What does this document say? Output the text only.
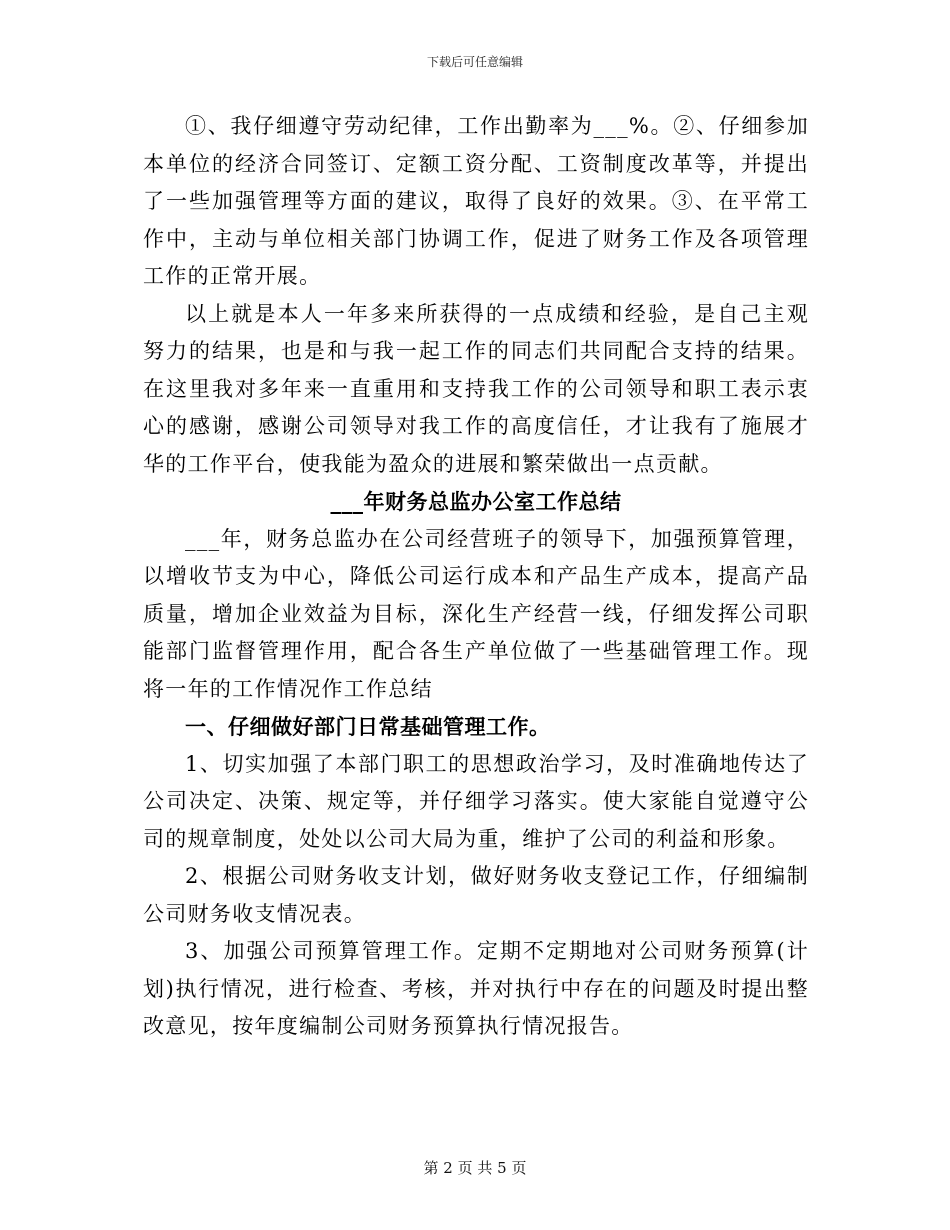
下载后可任意编辑

①、我仔细遵守劳动纪律，工作出勤率为___%。②、仔细参加本单位的经济合同签订、定额工资分配、工资制度改革等，并提出了一些加强管理等方面的建议，取得了良好的效果。③、在平常工作中，主动与单位相关部门协调工作，促进了财务工作及各项管理工作的正常开展。

以上就是本人一年多来所获得的一点成绩和经验，是自己主观努力的结果，也是和与我一起工作的同志们共同配合支持的结果。在这里我对多年来一直重用和支持我工作的公司领导和职工表示衷心的感谢，感谢公司领导对我工作的高度信任，才让我有了施展才华的工作平台，使我能为盈众的进展和繁荣做出一点贡献。

___年财务总监办公室工作总结

___年，财务总监办在公司经营班子的领导下，加强预算管理，以增收节支为中心，降低公司运行成本和产品生产成本，提高产品质量，增加企业效益为目标，深化生产经营一线，仔细发挥公司职能部门监督管理作用，配合各生产单位做了一些基础管理工作。现将一年的工作情况作工作总结

一、仔细做好部门日常基础管理工作。

1、切实加强了本部门职工的思想政治学习，及时准确地传达了公司决定、决策、规定等，并仔细学习落实。使大家能自觉遵守公司的规章制度，处处以公司大局为重，维护了公司的利益和形象。

2、根据公司财务收支计划，做好财务收支登记工作，仔细编制公司财务收支情况表。

3、加强公司预算管理工作。定期不定期地对公司财务预算(计划)执行情况，进行检查、考核，并对执行中存在的问题及时提出整改意见，按年度编制公司财务预算执行情况报告。

第 2 页 共 5 页
